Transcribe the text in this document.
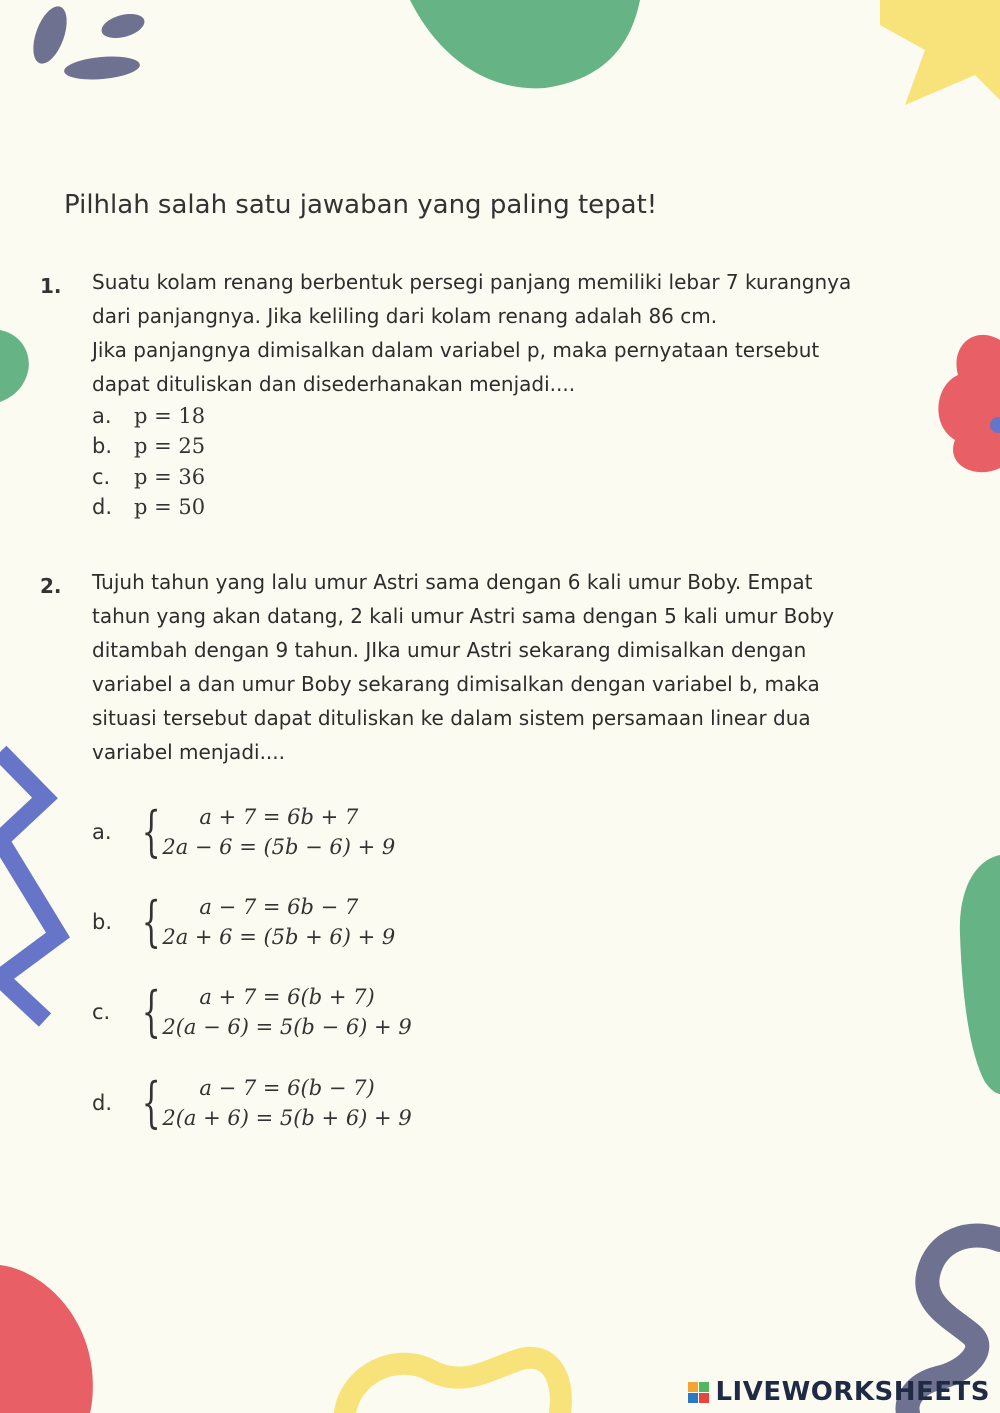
Pilhlah salah satu jawaban yang paling tepat!
1. Suatu kolam renang berbentuk persegi panjang memiliki lebar 7 kurangnya
dari panjangnya. Jika keliling dari kolam renang adalah 86 cm.
Jika panjangnya dimisalkan dalam variabel p, maka pernyataan tersebut
dapat dituliskan dan disederhanakan menjadi....
a.	p = 18
b.	p = 25
c.	p = 36
d.	p = 50
2. Tujuh tahun yang lalu umur Astri sama dengan 6 kali umur Boby. Empat
tahun yang akan datang, 2 kali umur Astri sama dengan 5 kali umur Boby
ditambah dengan 9 tahun. JIka umur Astri sekarang dimisalkan dengan
variabel a dan umur Boby sekarang dimisalkan dengan variabel b, maka
situasi tersebut dapat dituliskan ke dalam sistem persamaan linear dua
variabel menjadi....
a. { a + 7 = 6b + 7
2a − 6 = (5b − 6) + 9
b. { a − 7 = 6b − 7
2a + 6 = (5b + 6) + 9
c. { a + 7 = 6(b + 7)
2(a − 6) = 5(b − 6) + 9
d. { a − 7 = 6(b − 7)
2(a + 6) = 5(b + 6) + 9
LIVEWORKSHEETS
